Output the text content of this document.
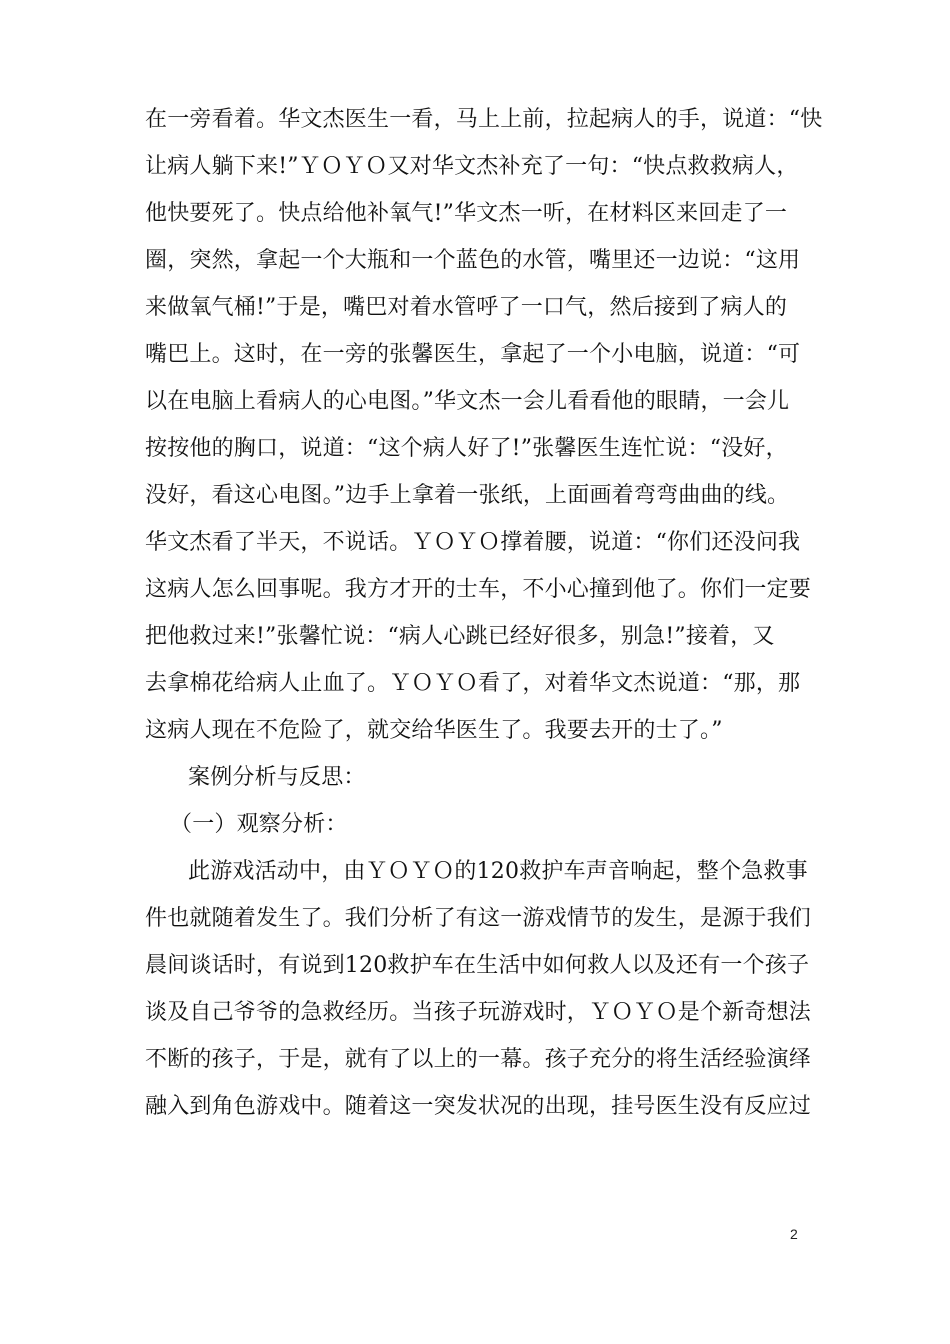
在一旁看着。华文杰医生一看，马上上前，拉起病人的手，说道：“快
让病人躺下来!”ＹＯＹＯ又对华文杰补充了一句：“快点救救病人，
他快要死了。快点给他补氧气!”华文杰一听，在材料区来回走了一
圈，突然，拿起一个大瓶和一个蓝色的水管，嘴里还一边说：“这用
来做氧气桶!”于是，嘴巴对着水管呼了一口气，然后接到了病人的
嘴巴上。这时，在一旁的张馨医生，拿起了一个小电脑，说道：“可
以在电脑上看病人的心电图。”华文杰一会儿看看他的眼睛，一会儿
按按他的胸口，说道：“这个病人好了!”张馨医生连忙说：“没好，
没好，看这心电图。”边手上拿着一张纸，上面画着弯弯曲曲的线。
华文杰看了半天，不说话。ＹＯＹＯ撑着腰，说道：“你们还没问我
这病人怎么回事呢。我方才开的士车，不小心撞到他了。你们一定要
把他救过来!”张馨忙说：“病人心跳已经好很多，别急!”接着，又
去拿棉花给病人止血了。ＹＯＹＯ看了，对着华文杰说道：“那，那
这病人现在不危险了，就交给华医生了。我要去开的士了。”
案例分析与反思：
（一）观察分析：
此游戏活动中，由ＹＯＹＯ的120救护车声音响起，整个急救事
件也就随着发生了。我们分析了有这一游戏情节的发生，是源于我们
晨间谈话时，有说到120救护车在生活中如何救人以及还有一个孩子
谈及自己爷爷的急救经历。当孩子玩游戏时，ＹＯＹＯ是个新奇想法
不断的孩子，于是，就有了以上的一幕。孩子充分的将生活经验演绎
融入到角色游戏中。随着这一突发状况的出现，挂号医生没有反应过
2
